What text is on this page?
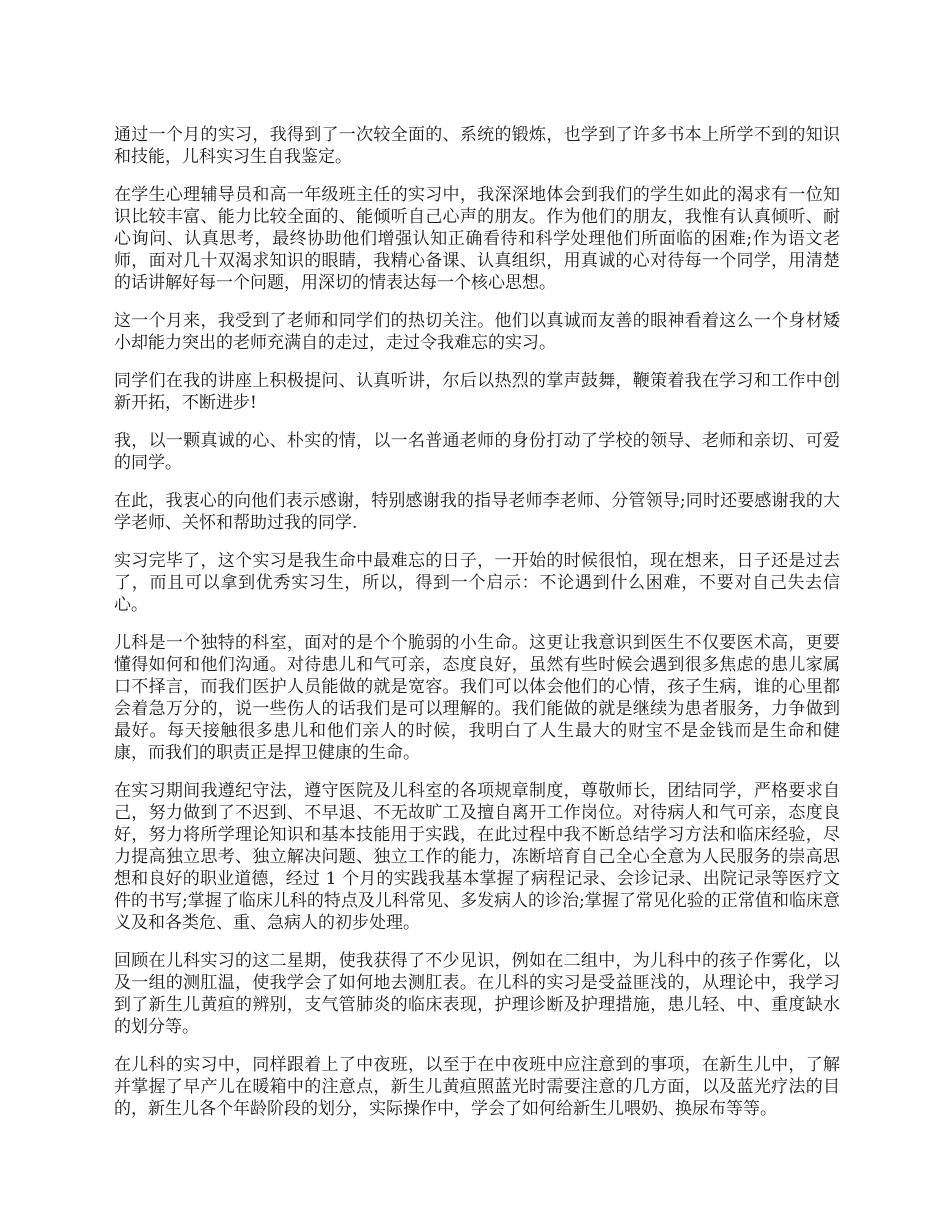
通过一个月的实习，我得到了一次较全面的、系统的锻炼，也学到了许多书本上所学不到的知识和技能，儿科实习生自我鉴定。

在学生心理辅导员和高一年级班主任的实习中，我深深地体会到我们的学生如此的渴求有一位知识比较丰富、能力比较全面的、能倾听自己心声的朋友。作为他们的朋友，我惟有认真倾听、耐心询问、认真思考，最终协助他们增强认知正确看待和科学处理他们所面临的困难;作为语文老师，面对几十双渴求知识的眼睛，我精心备课、认真组织，用真诚的心对待每一个同学，用清楚的话讲解好每一个问题，用深切的情表达每一个核心思想。

这一个月来，我受到了老师和同学们的热切关注。他们以真诚而友善的眼神看着这么一个身材矮小却能力突出的老师充满自的走过，走过令我难忘的实习。

同学们在我的讲座上积极提问、认真听讲，尔后以热烈的掌声鼓舞，鞭策着我在学习和工作中创新开拓，不断进步!

我，以一颗真诚的心、朴实的情，以一名普通老师的身份打动了学校的领导、老师和亲切、可爱的同学。

在此，我衷心的向他们表示感谢，特别感谢我的指导老师李老师、分管领导;同时还要感谢我的大学老师、关怀和帮助过我的同学.

实习完毕了，这个实习是我生命中最难忘的日子，一开始的时候很怕，现在想来，日子还是过去了，而且可以拿到优秀实习生，所以，得到一个启示：不论遇到什么困难，不要对自己失去信心。

儿科是一个独特的科室，面对的是个个脆弱的小生命。这更让我意识到医生不仅要医术高，更要懂得如何和他们沟通。对待患儿和气可亲，态度良好，虽然有些时候会遇到很多焦虑的患儿家属口不择言，而我们医护人员能做的就是宽容。我们可以体会他们的心情，孩子生病，谁的心里都会着急万分的，说一些伤人的话我们是可以理解的。我们能做的就是继续为患者服务，力争做到最好。每天接触很多患儿和他们亲人的时候，我明白了人生最大的财宝不是金钱而是生命和健康，而我们的职责正是捍卫健康的生命。

在实习期间我遵纪守法，遵守医院及儿科室的各项规章制度，尊敬师长，团结同学，严格要求自己，努力做到了不迟到、不早退、不无故旷工及擅自离开工作岗位。对待病人和气可亲，态度良好，努力将所学理论知识和基本技能用于实践，在此过程中我不断总结学习方法和临床经验，尽力提高独立思考、独立解决问题、独立工作的能力，冻断培育自己全心全意为人民服务的崇高思想和良好的职业道德，经过 1 个月的实践我基本掌握了病程记录、会诊记录、出院记录等医疗文件的书写;掌握了临床儿科的特点及儿科常见、多发病人的诊治;掌握了常见化验的正常值和临床意义及和各类危、重、急病人的初步处理。

回顾在儿科实习的这二星期，使我获得了不少见识，例如在二组中，为儿科中的孩子作雾化，以及一组的测肛温，使我学会了如何地去测肛表。在儿科的实习是受益匪浅的，从理论中，我学习到了新生儿黄疸的辨别，支气管肺炎的临床表现，护理诊断及护理措施，患儿轻、中、重度缺水的划分等。

在儿科的实习中，同样跟着上了中夜班，以至于在中夜班中应注意到的事项，在新生儿中，了解并掌握了早产儿在暖箱中的注意点，新生儿黄疸照蓝光时需要注意的几方面，以及蓝光疗法的目的，新生儿各个年龄阶段的划分，实际操作中，学会了如何给新生儿喂奶、换尿布等等。
